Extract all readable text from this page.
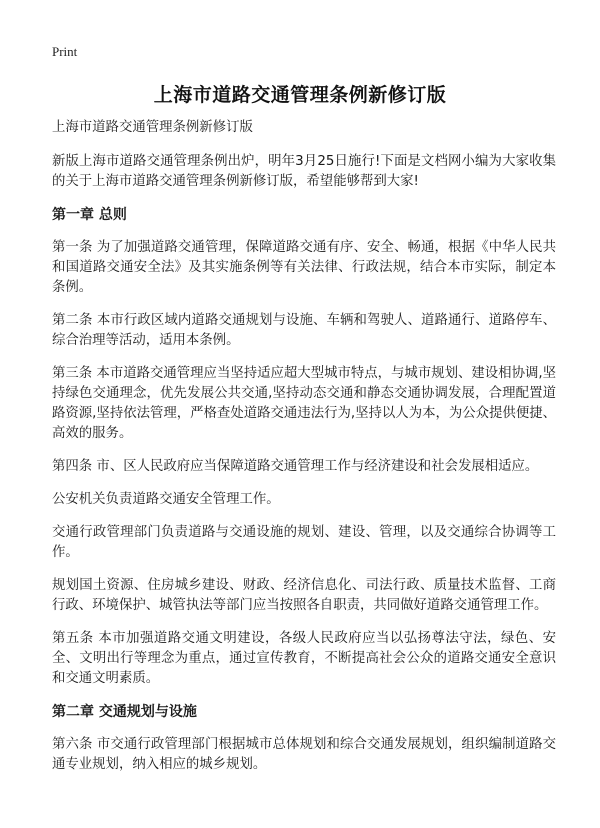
Print
上海市道路交通管理条例新修订版

上海市道路交通管理条例新修订版

新版上海市道路交通管理条例出炉，明年3月25日施行!下面是文档网小编为大家收集的关于上海市道路交通管理条例新修订版，希望能够帮到大家!

第一章 总则

第一条 为了加强道路交通管理，保障道路交通有序、安全、畅通，根据《中华人民共和国道路交通安全法》及其实施条例等有关法律、行政法规，结合本市实际，制定本条例。

第二条 本市行政区域内道路交通规划与设施、车辆和驾驶人、道路通行、道路停车、综合治理等活动，适用本条例。

第三条 本市道路交通管理应当坚持适应超大型城市特点，与城市规划、建设相协调,坚持绿色交通理念，优先发展公共交通,坚持动态交通和静态交通协调发展，合理配置道路资源,坚持依法管理，严格查处道路交通违法行为,坚持以人为本，为公众提供便捷、高效的服务。

第四条 市、区人民政府应当保障道路交通管理工作与经济建设和社会发展相适应。

公安机关负责道路交通安全管理工作。

交通行政管理部门负责道路与交通设施的规划、建设、管理，以及交通综合协调等工作。

规划国土资源、住房城乡建设、财政、经济信息化、司法行政、质量技术监督、工商行政、环境保护、城管执法等部门应当按照各自职责，共同做好道路交通管理工作。

第五条 本市加强道路交通文明建设，各级人民政府应当以弘扬尊法守法，绿色、安全、文明出行等理念为重点，通过宣传教育，不断提高社会公众的道路交通安全意识和交通文明素质。

第二章 交通规划与设施

第六条 市交通行政管理部门根据城市总体规划和综合交通发展规划，组织编制道路交通专业规划，纳入相应的城乡规划。
